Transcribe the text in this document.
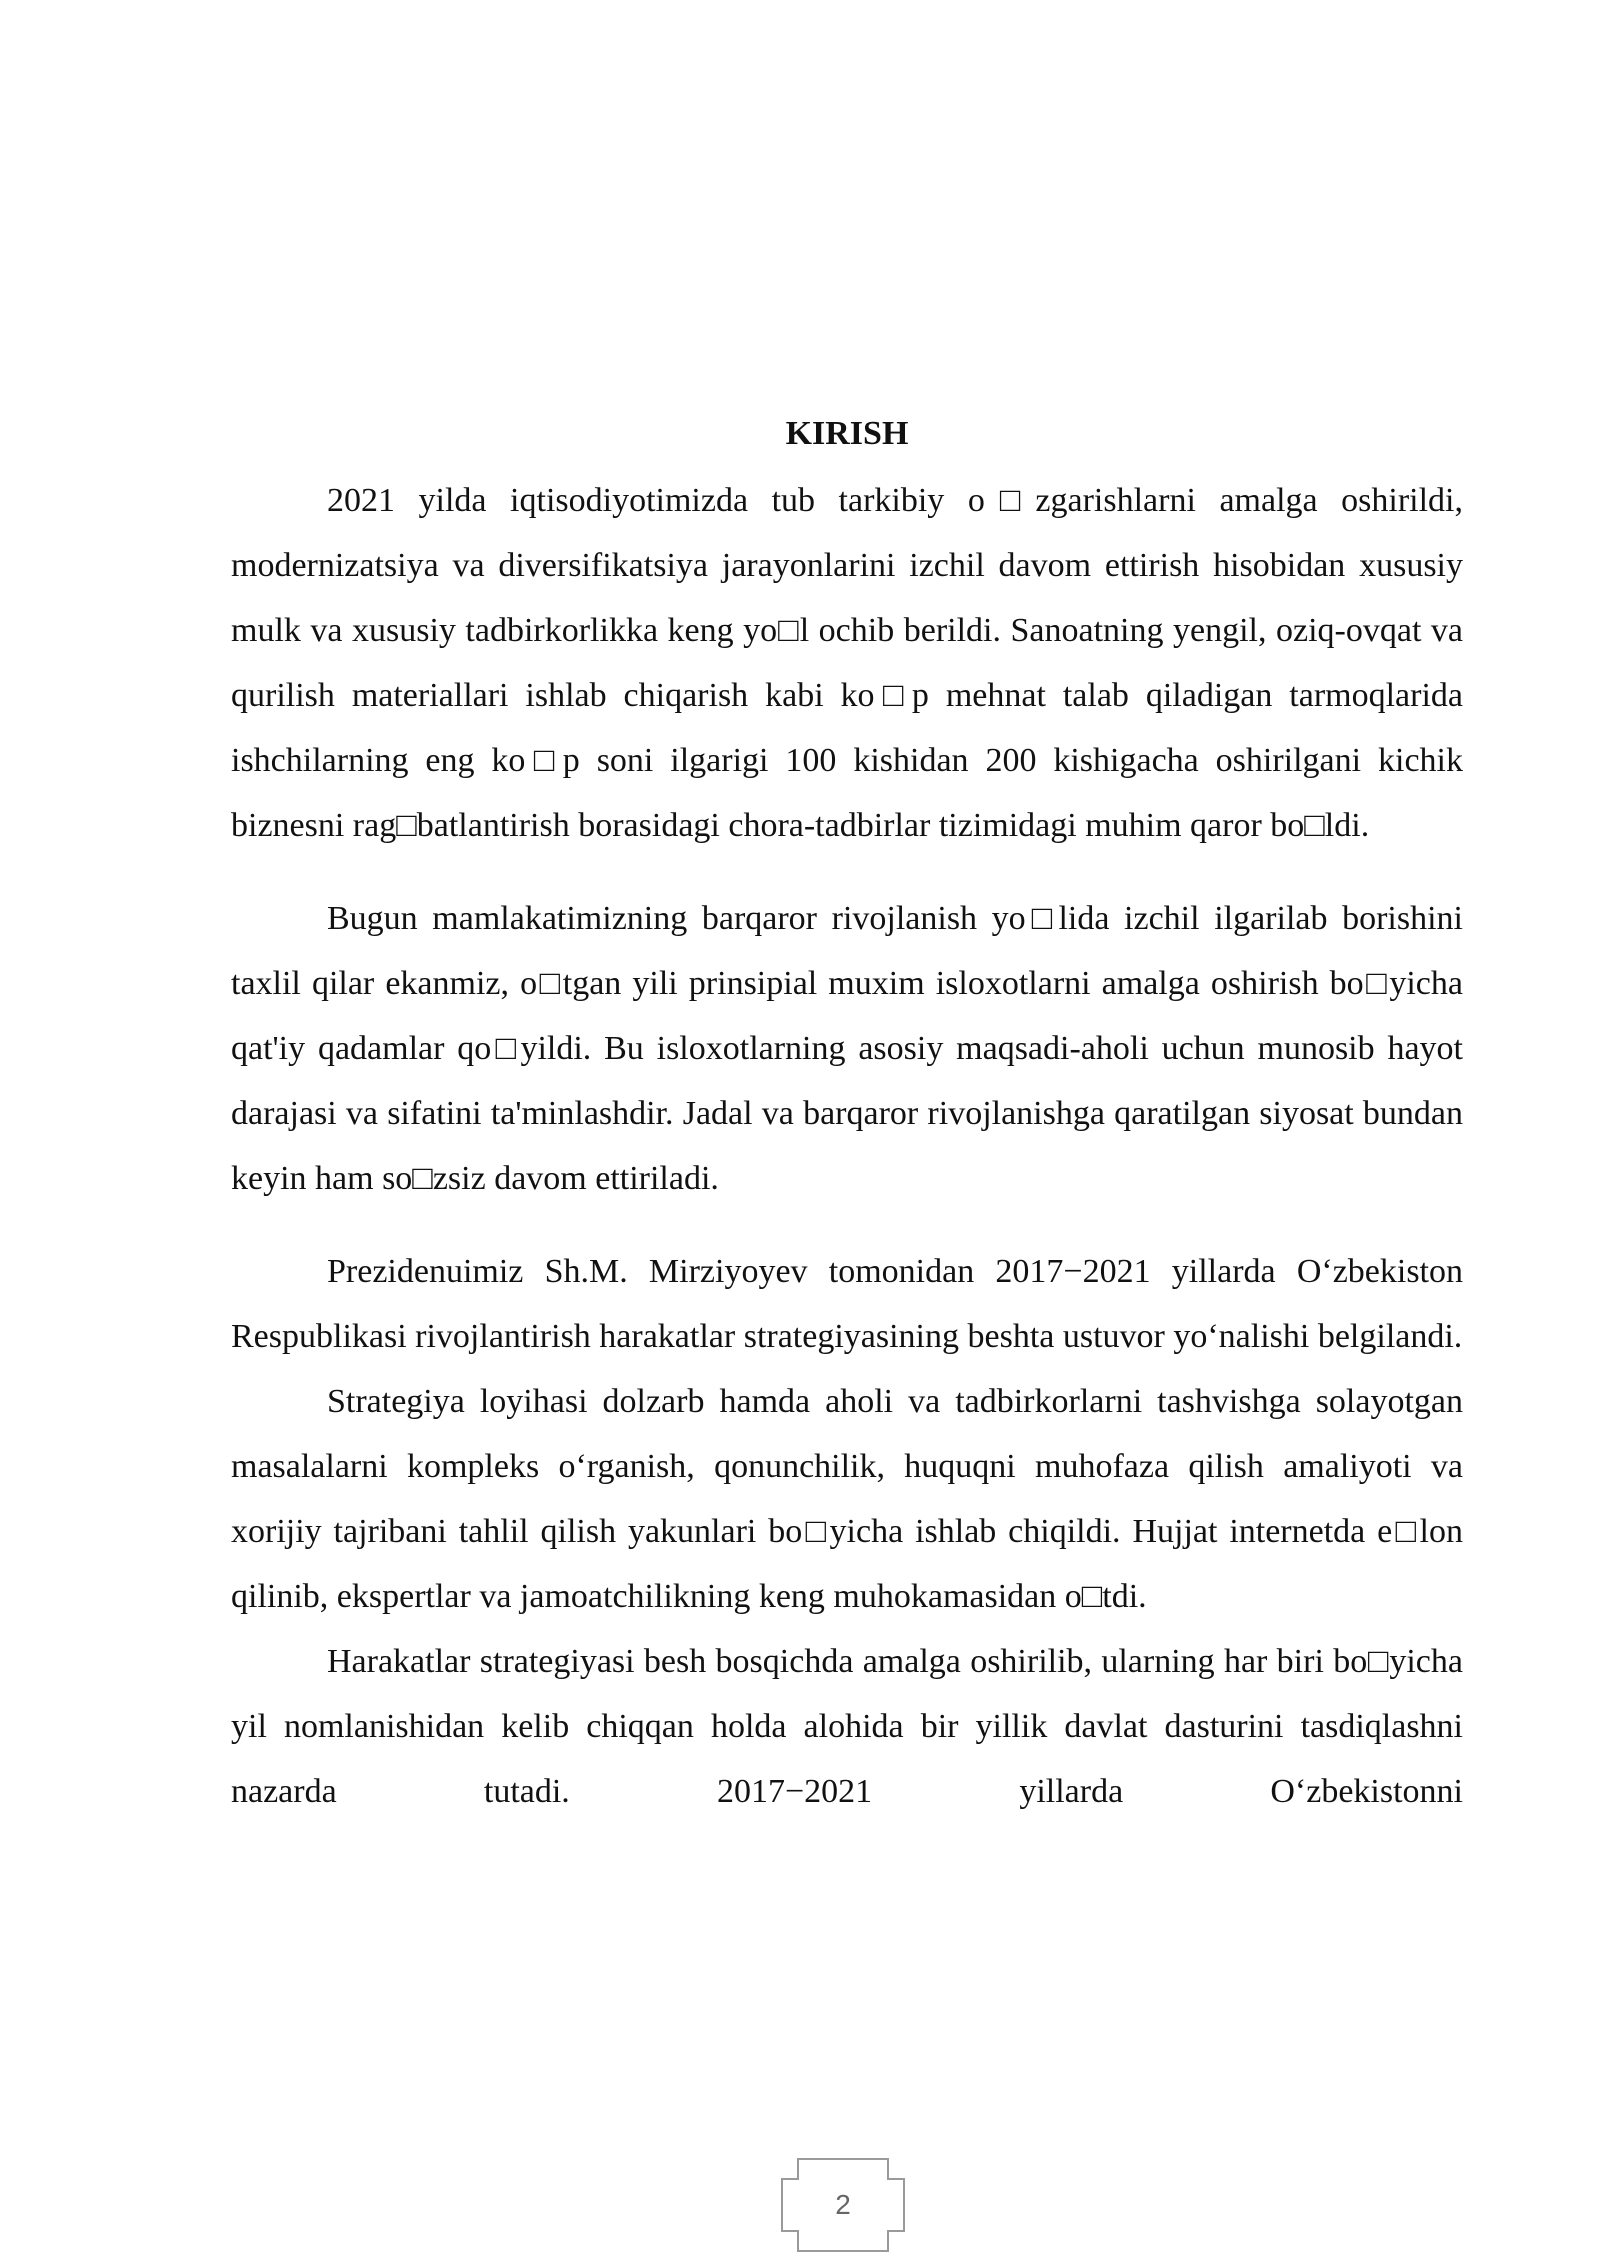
KIRISH

2021 yilda iqtisodiyotimizda tub tarkibiy o□zgarishlarni amalga oshirildi, modernizatsiya va diversifikatsiya jarayonlarini izchil davom ettirish hisobidan xususiy mulk va xususiy tadbirkorlikka keng yo□l ochib berildi. Sanoatning yengil, oziq-ovqat va qurilish materiallari ishlab chiqarish kabi ko□p mehnat talab qiladigan tarmoqlarida ishchilarning eng ko□p soni ilgarigi 100 kishidan 200 kishigacha oshirilgani kichik biznesni rag□batlantirish borasidagi chora-tadbirlar tizimidagi muhim qaror bo□ldi.

Bugun mamlakatimizning barqaror rivojlanish yo□lida izchil ilgarilab borishini taxlil qilar ekanmiz, o□tgan yili prinsipial muxim isloxotlarni amalga oshirish bo□yicha qat'iy qadamlar qo□yildi. Bu isloxotlarning asosiy maqsadi-aholi uchun munosib hayot darajasi va sifatini ta'minlashdir. Jadal va barqaror rivojlanishga qaratilgan siyosat bundan keyin ham so□zsiz davom ettiriladi.

Prezidenuimiz Sh.M. Mirziyoyev tomonidan 2017−2021 yillarda O‘zbekiston Respublikasi rivojlantirish harakatlar strategiyasining beshta ustuvor yo‘nalishi belgilandi.

Strategiya loyihasi dolzarb hamda aholi va tadbirkorlarni tashvishga solayotgan masalalarni kompleks o‘rganish, qonunchilik, huquqni muhofaza qilish amaliyoti va xorijiy tajribani tahlil qilish yakunlari bo□yicha ishlab chiqildi. Hujjat internetda e□lon qilinib, ekspertlar va jamoatchilikning keng muhokamasidan o□tdi.

Harakatlar strategiyasi besh bosqichda amalga oshirilib, ularning har biri bo□yicha yil nomlanishidan kelib chiqqan holda alohida bir yillik davlat dasturini tasdiqlashni nazarda tutadi. 2017−2021 yillarda O‘zbekistonni

2
